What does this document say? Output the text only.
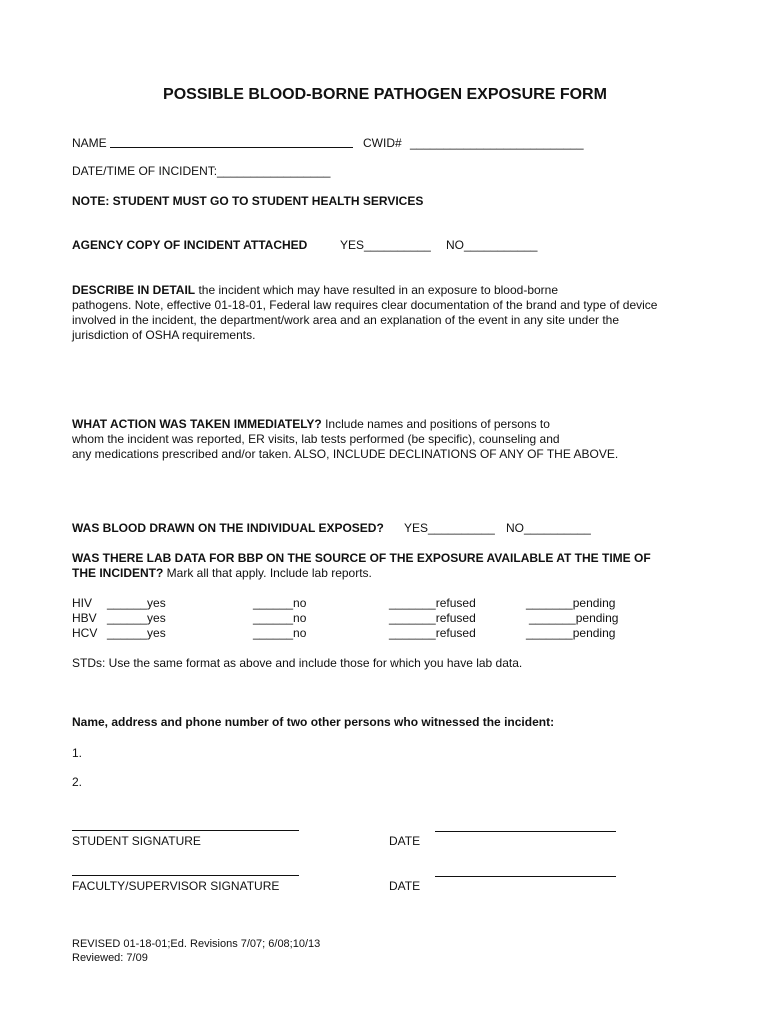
POSSIBLE BLOOD-BORNE PATHOGEN EXPOSURE FORM
NAME	CWID# __________________________
DATE/TIME OF INCIDENT: _________________
NOTE: STUDENT MUST GO TO STUDENT HEALTH SERVICES
AGENCY COPY OF INCIDENT ATTACHED	YES__________ NO___________
DESCRIBE IN DETAIL the incident which may have resulted in an exposure to blood-borne
pathogens. Note, effective 01-18-01, Federal law requires clear documentation of the brand and type of device
involved in the incident, the department/work area and an explanation of the event in any site under the
jurisdiction of OSHA requirements.
WHAT ACTION WAS TAKEN IMMEDIATELY? Include names and positions of persons to
whom the incident was reported, ER visits, lab tests performed (be specific), counseling and
any medications prescribed and/or taken. ALSO, INCLUDE DECLINATIONS OF ANY OF THE ABOVE.
WAS BLOOD DRAWN ON THE INDIVIDUAL EXPOSED? YES__________ NO__________
WAS THERE LAB DATA FOR BBP ON THE SOURCE OF THE EXPOSURE AVAILABLE AT THE TIME OF
THE INCIDENT? Mark all that apply. Include lab reports.
HIV ______yes	______no	_______refused	_______pending
HBV ______yes	______no	_______refused	_______pending
HCV ______yes	______no	_______refused	_______pending
STDs: Use the same format as above and include those for which you have lab data.
Name, address and phone number of two other persons who witnessed the incident:
1.
2.
STUDENT SIGNATURE	DATE
FACULTY/SUPERVISOR SIGNATURE	DATE
REVISED 01-18-01;Ed. Revisions 7/07; 6/08;10/13
Reviewed: 7/09
